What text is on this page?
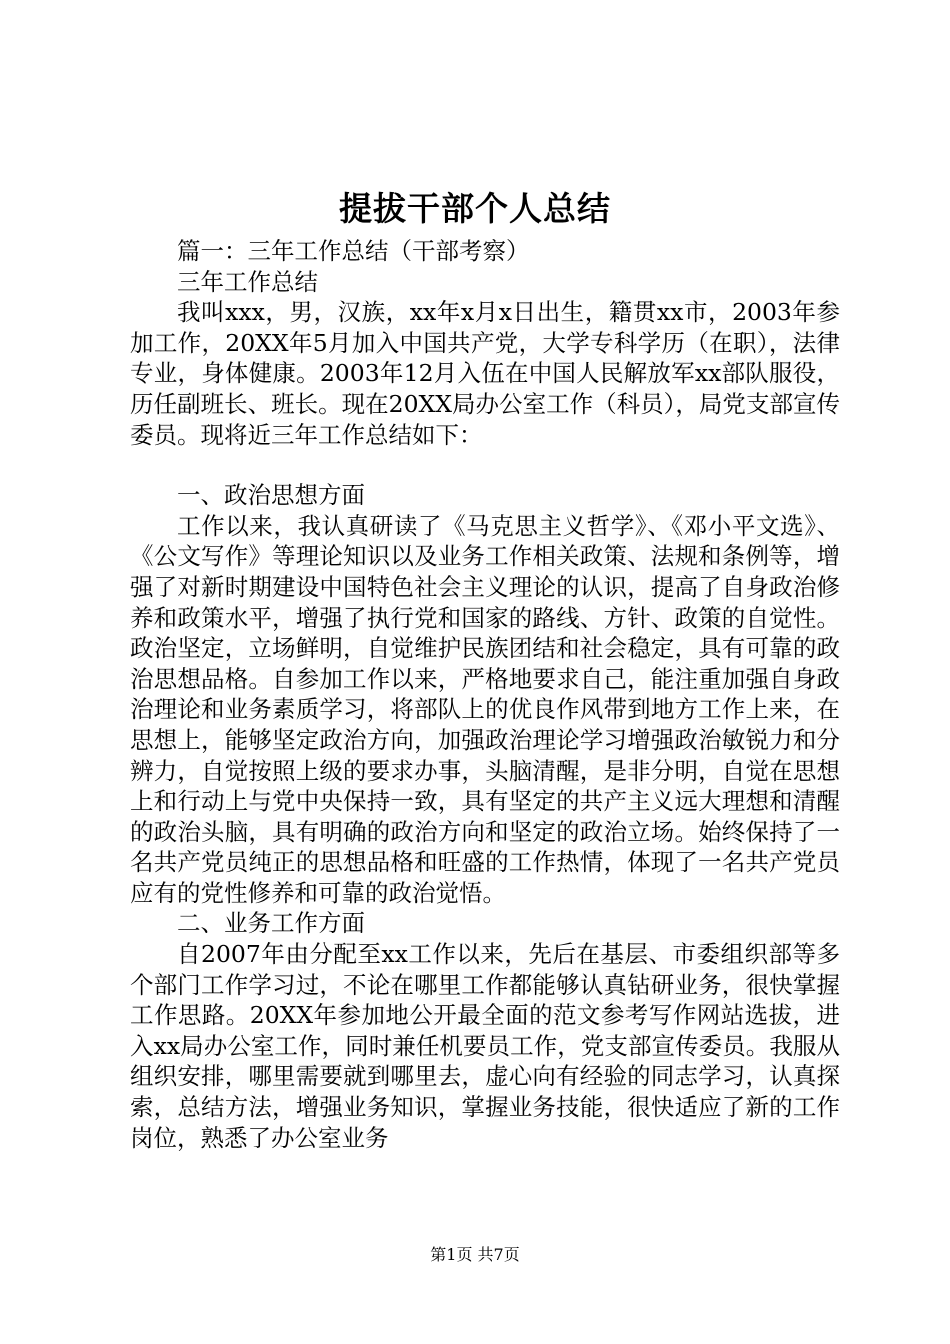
提拔干部个人总结

篇一：三年工作总结（干部考察）

三年工作总结

我叫xxx，男，汉族，xx年x月x日出生，籍贯xx市，2003年参加工作，20XX年5月加入中国共产党，大学专科学历（在职），法律专业，身体健康。2003年12月入伍在中国人民解放军xx部队服役，历任副班长、班长。现在20XX局办公室工作（科员），局党支部宣传委员。现将近三年工作总结如下：

一、政治思想方面

工作以来，我认真研读了《马克思主义哲学》、《邓小平文选》、《公文写作》等理论知识以及业务工作相关政策、法规和条例等，增强了对新时期建设中国特色社会主义理论的认识，提高了自身政治修养和政策水平，增强了执行党和国家的路线、方针、政策的自觉性。政治坚定，立场鲜明，自觉维护民族团结和社会稳定，具有可靠的政治思想品格。自参加工作以来，严格地要求自己，能注重加强自身政治理论和业务素质学习，将部队上的优良作风带到地方工作上来，在思想上，能够坚定政治方向，加强政治理论学习增强政治敏锐力和分辨力，自觉按照上级的要求办事，头脑清醒，是非分明，自觉在思想上和行动上与党中央保持一致，具有坚定的共产主义远大理想和清醒的政治头脑，具有明确的政治方向和坚定的政治立场。始终保持了一名共产党员纯正的思想品格和旺盛的工作热情，体现了一名共产党员应有的党性修养和可靠的政治觉悟。

二、业务工作方面

自2007年由分配至xx工作以来，先后在基层、市委组织部等多个部门工作学习过，不论在哪里工作都能够认真钻研业务，很快掌握工作思路。20XX年参加地公开最全面的范文参考写作网站选拔，进入xx局办公室工作，同时兼任机要员工作，党支部宣传委员。我服从组织安排，哪里需要就到哪里去，虚心向有经验的同志学习，认真探索，总结方法，增强业务知识，掌握业务技能，很快适应了新的工作岗位，熟悉了办公室业务

第1页 共7页
